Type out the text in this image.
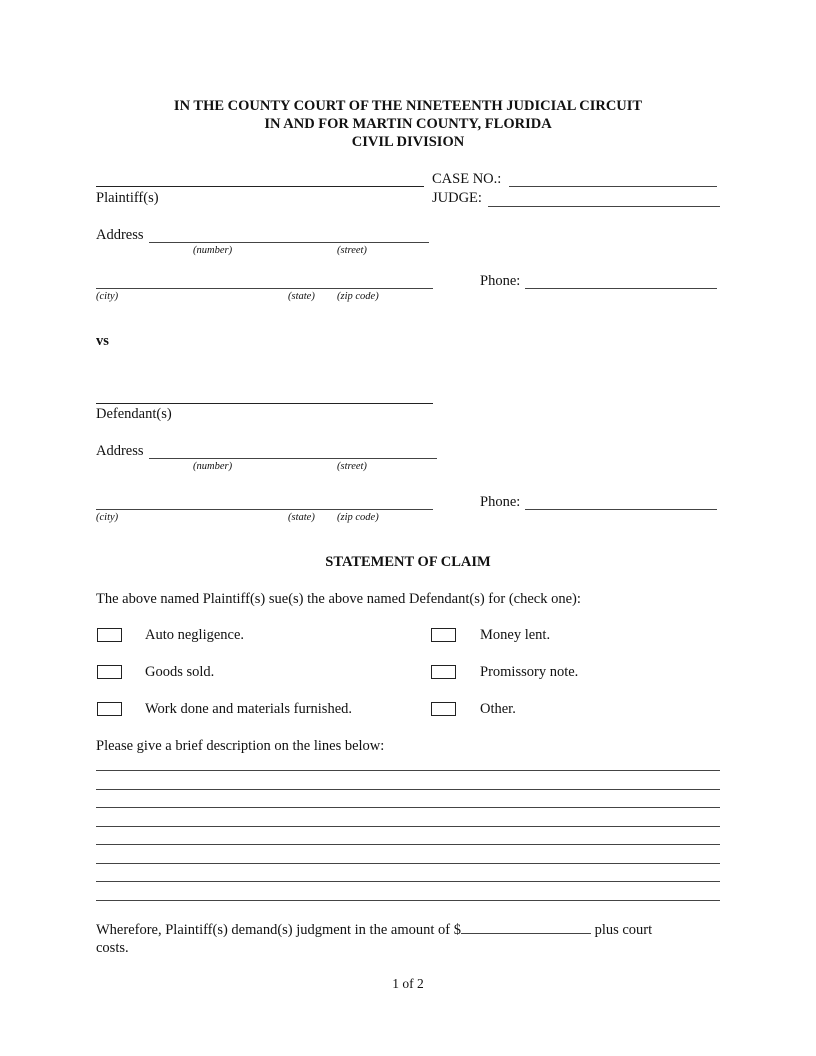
IN THE COUNTY COURT OF THE NINETEENTH JUDICIAL CIRCUIT
IN AND FOR MARTIN COUNTY, FLORIDA
CIVIL DIVISION
Plaintiff(s)
CASE NO.:
JUDGE:
Address
(number)	(street)
(city)	(state) (zip code)
Phone:
vs
Defendant(s)
Address
(number)	(street)
(city)	(state) (zip code)
Phone:
STATEMENT OF CLAIM
The above named Plaintiff(s) sue(s) the above named Defendant(s) for (check one):
Auto negligence.	Money lent.
Goods sold.	Promissory note.
Work done and materials furnished.	Other.
Please give a brief description on the lines below:
Wherefore, Plaintiff(s) demand(s) judgment in the amount of $	plus court
costs.
1 of 2
